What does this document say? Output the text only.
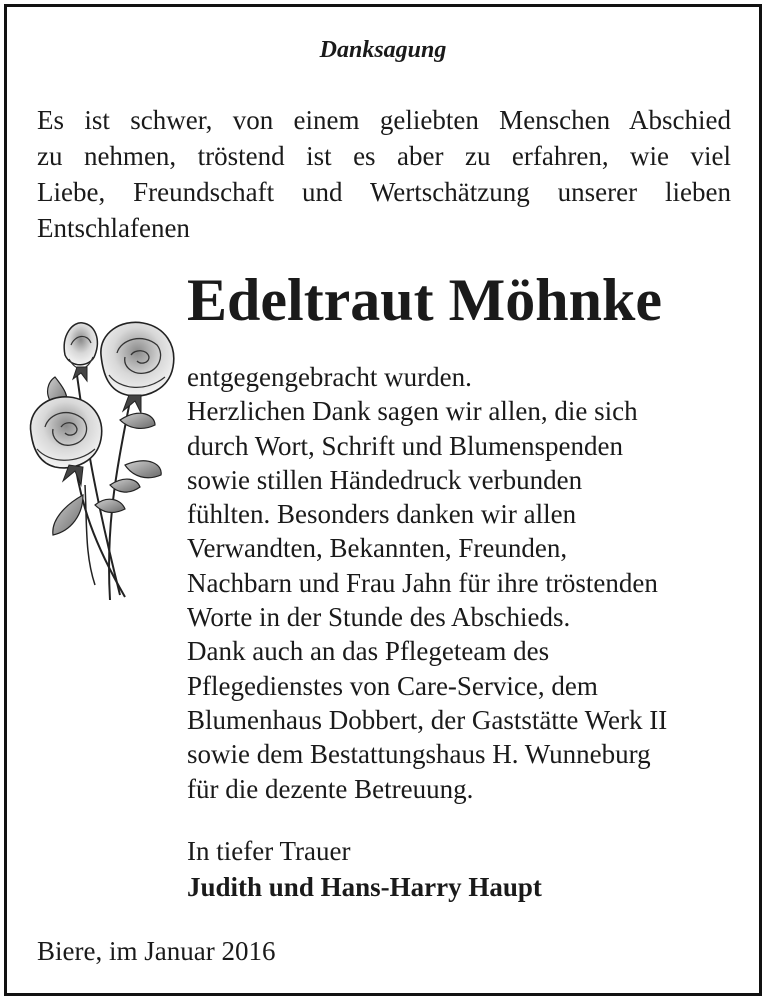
Danksagung
Es ist schwer, von einem geliebten Menschen Abschied
zu nehmen, tröstend ist es aber zu erfahren, wie viel
Liebe, Freundschaft und Wertschätzung unserer lieben
Entschlafenen
Edeltraut Möhnke
entgegengebracht wurden.
Herzlichen Dank sagen wir allen, die sich
durch Wort, Schrift und Blumenspenden
sowie stillen Händedruck verbunden
fühlten. Besonders danken wir allen
Verwandten, Bekannten, Freunden,
Nachbarn und Frau Jahn für ihre tröstenden
Worte in der Stunde des Abschieds.
Dank auch an das Pflegeteam des
Pflegedienstes von Care-Service, dem
Blumenhaus Dobbert, der Gaststätte Werk II
sowie dem Bestattungshaus H. Wunneburg
für die dezente Betreuung.
In tiefer Trauer
Judith und Hans-Harry Haupt
Biere, im Januar 2016
